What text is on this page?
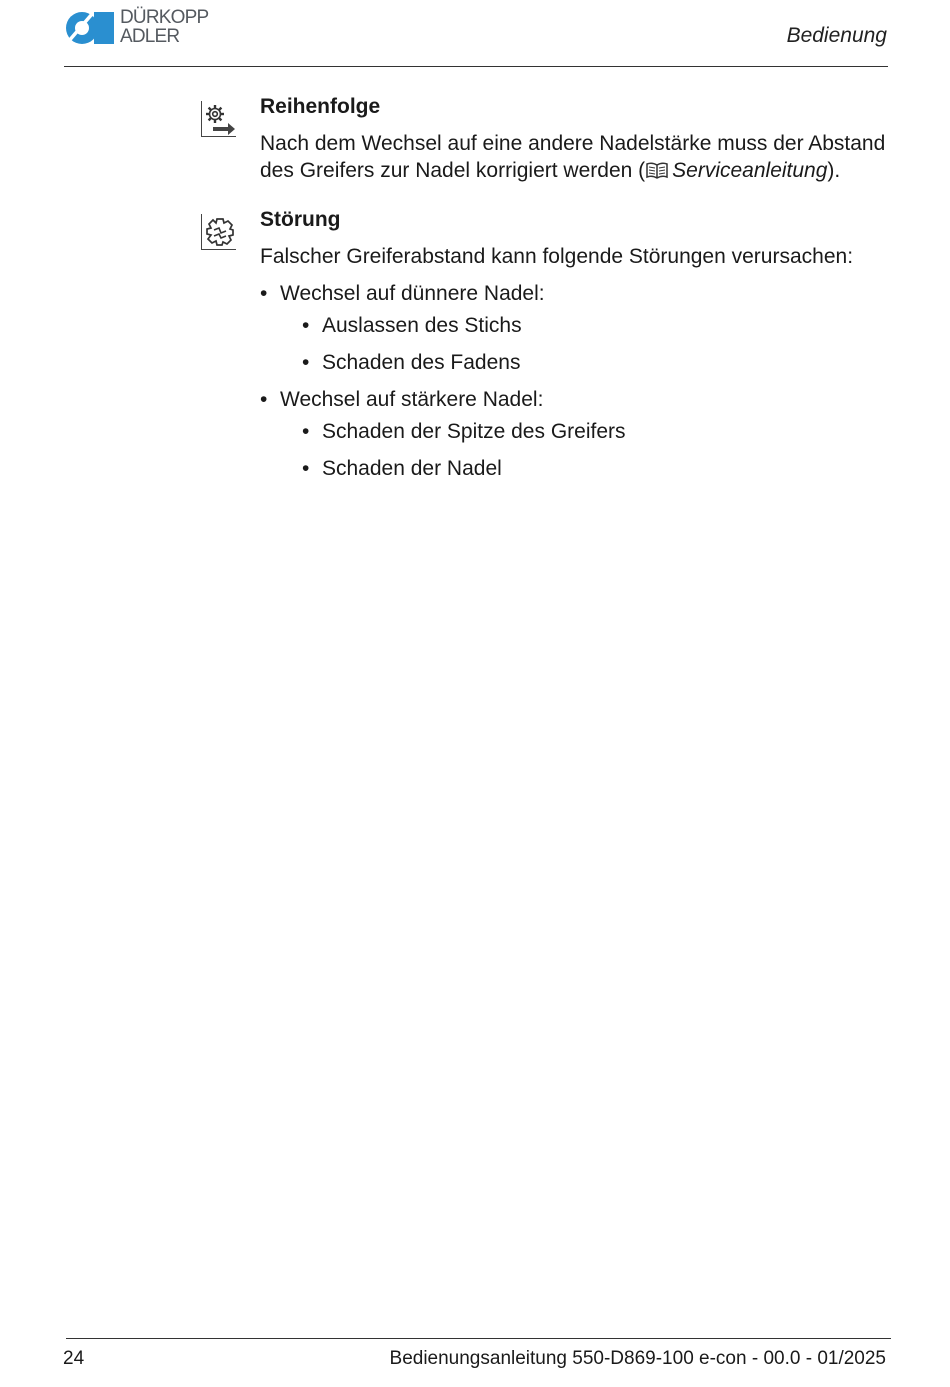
DÜRKOPP
ADLER	Bedienung

Reihenfolge

Nach dem Wechsel auf eine andere Nadelstärke muss der Abstand
des Greifers zur Nadel korrigiert werden ( Serviceanleitung).

Störung

Falscher Greiferabstand kann folgende Störungen verursachen:

• Wechsel auf dünnere Nadel:
• Auslassen des Stichs
• Schaden des Fadens
• Wechsel auf stärkere Nadel:
• Schaden der Spitze des Greifers
• Schaden der Nadel
24	Bedienungsanleitung 550-D869-100 e-con - 00.0 - 01/2025
